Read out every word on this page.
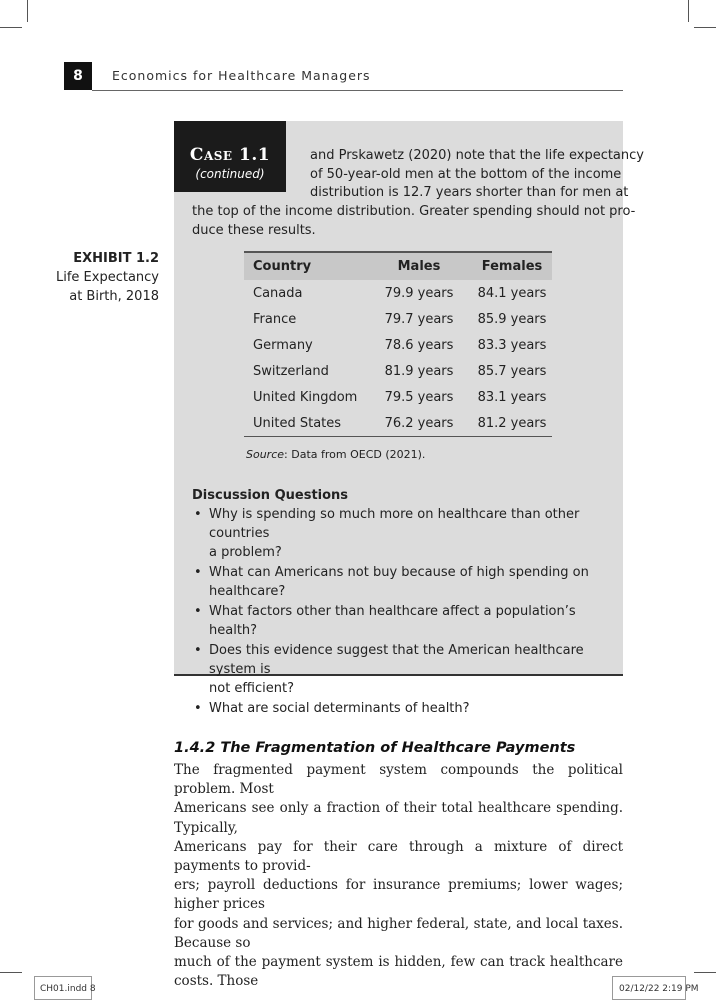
8	Economics for Healthcare Managers
Case 1.1
(continued)
and Prskawetz (2020) note that the life expectancy
of 50-year-old men at the bottom of the income
distribution is 12.7 years shorter than for men at
the top of the income distribution. Greater spending should not pro-
duce these results.
EXHIBIT 1.2
Life Expectancy
at Birth, 2018
Country	Males	Females
Canada	79.9 years	84.1 years
France	79.7 years	85.9 years
Germany	78.6 years	83.3 years
Switzerland	81.9 years	85.7 years
United Kingdom	79.5 years	83.1 years
United States	76.2 years	81.2 years
Source: Data from OECD (2021).
Discussion Questions
• Why is spending so much more on healthcare than other countries
a problem?
• What can Americans not buy because of high spending on
healthcare?
• What factors other than healthcare affect a population’s health?
• Does this evidence suggest that the American healthcare system is
not efficient?
• What are social determinants of health?
1.4.2 The Fragmentation of Healthcare Payments
The fragmented payment system compounds the political problem. Most
Americans see only a fraction of their total healthcare spending. Typically,
Americans pay for their care through a mixture of direct payments to provid-
ers; payroll deductions for insurance premiums; lower wages; higher prices
for goods and services; and higher federal, state, and local taxes. Because so
much of the payment system is hidden, few can track healthcare costs. Those
CH01.indd 8	02/12/22 2:19 PM
